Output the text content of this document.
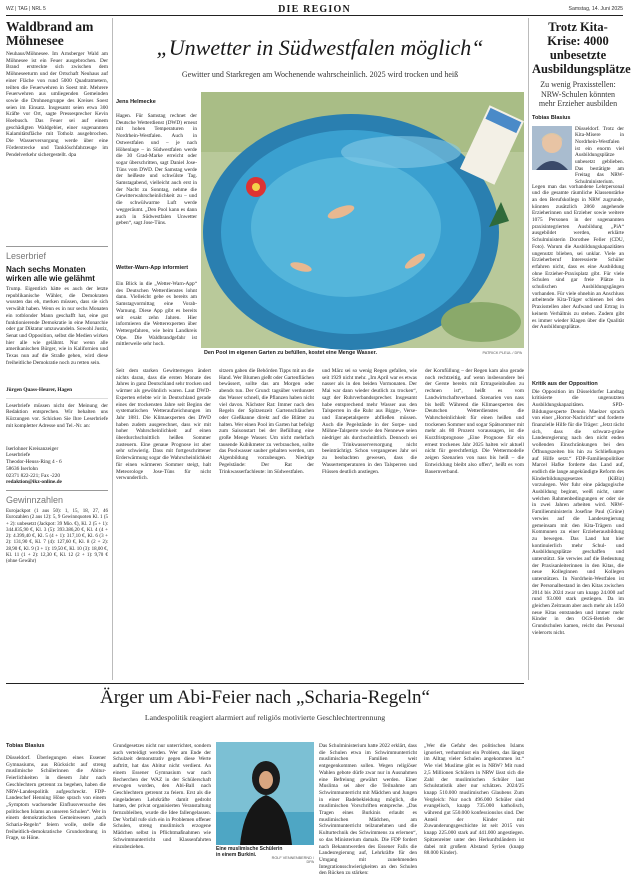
WZ | TAG | NRL 5	DIE REGION	Samstag, 14. Juni 2025
Waldbrand am Möhnesee
Neuhaus/Möhnesee. Im Arnsberger Wald am Möhnesee ist ein Feuer ausgebrochen. Der Brand erstreckte sich zwischen dem Möhneseeturm und der Ortschaft Neuhaus auf einer Fläche von rund 5000 Quadratmetern, teilten die Feuerwehren in Soest mit. Mehrere Feuerwehren aus umliegenden Gemeinden sowie die Drohnengruppe des Kreises Soest seien im Einsatz. Insgesamt seien etwa 300 Kräfte vor Ort, sagte Pressesprecher Kevin Hoebusch. Das Feuer sei auf einem geschädigten Waldgebiet, einer sogenannten Kalamitätsfläche mit Totholz ausgebrochen. Die Wasserversorgung werde über eine Förderstrecke und Tanklöschfahrzeuge im Pendelverkehr sichergestellt. dpa
Leserbrief
Nach sechs Monaten wirken alle wie gelähmt
Trump. Eigentlich hätte es auch der letzte republikanische Wähler, die Demokraten wussten das eh, merken müssen, dass sie sich verwählt haben. Wenn es in nur sechs Monaten ein rotblonder Mann geschafft hat, eine gut funktionierende Demokratie in eine Monarchie oder gar Diktatur umzuwandeln. Sowohl Justiz, Senat und Opposition, selbst die Medien wirken hier alle wie gelähmt. Nur wenn alle amerikanischen Bürger, wie in Kalifornien und Texas nun auf die Straße gehen, wird diese freiheitliche Demokratie noch zu retten sein.
Jürgen Quass-Heurer, Hagen
Leserbriefe müssen nicht der Meinung der Redaktion entsprechen. Wir behalten uns Kürzungen vor. Schicken Sie Ihre Leserbriefe mit kompletter Adresse und Tel.-Nr. an:
Iserlohner Kreisanzeiger
Leserbriefe
Theodor-Heuss-Ring 4 - 6
58636 Iserlohn
02371 822-221; Fax -220
redaktion@ikz-online.de
Gewinnzahlen
Eurojackpot (1 aus 50): 1, 15, 18, 27, 46 Eurozahlen (2 aus 12): 5, 9 Gewinnquoten Kl. 1 (5 + 2): unbesetzt (Jackpot: 39 Mio. €), Kl. 2 (5 + 1): 344.835,90 €, Kl. 3 (5): 393.386,20 €, Kl. 4 (4 + 2): 4.399,40 €, Kl. 5 (4 + 1): 317,10 €, Kl. 6 (3 + 2): 131,90 €, Kl. 7 (4): 127,60 €, Kl. 8 (2 + 2): 28,90 €, Kl. 9 (3 + 1): 19,50 €, Kl. 10 (3): 18,00 €, Kl. 11 (1 + 2): 12,30 €, Kl. 12 (2 + 1): 9,70 € (ohne Gewähr)
„Unwetter in Südwestfalen möglich“
Gewitter und Starkregen am Wochenende wahrscheinlich. 2025 wird trocken und heiß
Jens Helmecke
Hagen. Für Samstag rechnet der Deutsche Wetterdienst (DWD) erneut mit hohen Temperaturen in Nordrhein-Westfalen. Auch in Ostwestfalen und – je nach Höhenlage – in Südwestfalen werde die 30 Grad-Marke erreicht oder sogar überschritten, sagt Daniel Jose-Tüns vom DWD. Der Samstag werde der heißeste und schwülste Tag. Samstagabend, vielleicht auch erst in der Nacht zu Sonntag, nehme die Gewitterwahrscheinlichkeit zu – und die schwülwarme Luft werde weggeräumt. „Den Pool kann es dann auch in Südwestfalen Unwetter geben“, sagt Jose-Tüns.
Wetter-Warn-App informiert
Ein Blick in die „Wetter-Warn-App“ des Deutschen Wetterdienstes lohnt dann. Vielleicht gebe es bereits am Samstagvormittag eine Vorab-Warnung. Diese App gibt es bereits seit exakt zehn Jahren. Hier informieren die Wetterexperten über Wettergefahren, wie beim Landkreis Olpe. Die Waldbrandgefahr ist mittlerweile sehr hoch.
Den Pool im eigenen Garten zu befüllen, kostet eine Menge Wasser.	PATRICK PLEUL / DPA
Seit dem starken Gewitterregen ändert nichts daran, dass die ersten Monate des Jahres in ganz Deutschland sehr trocken und wärmer als gewöhnlich waren. Laut DWD-Experten erlebte wir in Deutschland gerade eines der trockensten Jahre seit Beginn der systematischen Wetteraufzeichnungen im Jahr 1881. Die Klimaexperten des DWD haben zudem ausgerechnet, dass wir mit hoher Wahrscheinlichkeit auf einen überdurchschnittlich heißen Sommer zusteuern. Eine genaue Prognose ist aber sehr schwierig. Dass mit fortgeschrittener Erderwärmung sogar die Wahrscheinlichkeit für einen wärmeren Sommer steigt, halt Meteorologe Jose-Tüns für nicht verwunderlich.
sitzern gaben die Behörden Tipps mit an die Hand. Wer Blumen gießt oder Gartenflächen bewässert, sollte das am Morgen oder abends tun. Der Grund: tagsüber verdunstet das Wasser schnell, die Pflanzen haben nicht viel davon. Nächster Rat: Immer nach den Regeln der Spitzenzeit Gartenschläuchen oder Gießkanne direkt auf die Blätter zu halten. Wer einen Pool im Garten hat befolgt zum Saisonstart bei der Befüllung eine große Menge Wasser. Um nicht mehrfach tausende Kubikmeter zu verbrauchen, sollte das Poolwasser sauber gehalten werden, um Algenbildung vorzubeugen. Niedrige Pegelstände: Der Rat der Trinkwasserfachleute: im Südwestfalen.
und März sei so wenig Regen gefallen, wie seit 1929 nicht mehr. „Im April war es etwas nasser als in den beiden Vormonaten. Der Mai war dann wieder deutlich zu trocken“, sagt der Ruhrverbandssprecher. Insgesamt habe entsprechend mehr Wasser aus den Talsperren in die Ruhr aus Bigge-, Verse- und Ennepetalsperre abfließen müssen. Auch die Pegelstände in der Sorpe- und Möhne-Talsperre sowie den Nennewe seien niedriger als durchschnittlich. Dennoch sei die Trinkwasserversorgung nicht beeinträchtigt. Schon vergangenes Jahr sei zu beobachten gewesen, dass die Wassertemperaturen in den Talsperren und Flüssen deutlich anstiegen.
der Kornfüllung – der Regen kam also gerade noch rechtzeitig, auf wenn insbesondere bei der Gerste bereits mit Ertragseinbußen zu rechnen ist“, heißt es vom Landwirtschaftsverband. Szenarien von nass bis heiß: Während die Klimaexperten des Deutschen Wetterdienstes die Wahrscheinlichkeit für einen heißen und trockenen Sommer und sogar Spätsommer mit mehr als 80 Prozent voraussagen, ist die Kurzfristprognose „Eine Prognose für ein ernest trockenes Jahr 2025 halten wir aktuell nicht für gerechtfertigt. Die Wettermodelle zeigen Szenarien von nass bis heiß – die Entwicklung bleibt also offen“, heißt es vom Bauernverband.
Trotz Kita-Krise: 4000 unbesetzte Ausbildungsplätze
Zu wenig Praxisstellen: NRW-Schulen könnten mehr Erzieher ausbilden
Tobias Blasius
Düsseldorf. Trotz der Kita-Misere in Nordrhein-Westfalen ist ein enorm viel Ausbildungsplätze unbesetzt geblieben. Das bestätigte am Freitag das NRW-Schulministerium.
Legen man das vorhandene Lehrpersonal und die gesamte räumliche Klassenstärke an den Berufskollegs in NRW zugrunde, könnten zusätzlich 2860 angehende Erzieherinnen und Erzieher sowie weitere 1075 Personen in der sogenannten praxisintegrierten Ausbildung „PiA“ ausgebildet werden, erklärte Schulministerin Dorothee Feller (CDU, Foto). Warum die Ausbildungskapazitäten ungenutzt blieben, sei unklar. Viele an Erzieherberuf Interessierte Schüler erfahren nicht, dass es eine Ausbildung ohne Erzieher-Praxisplatz gibt. Für viele Schulen sind gar freie Plätze in schulischen Ausbildungsgängen vorhanden. Für viele ohnehin an Anschluss arbeitende Kita-Träger schienen bei den Praxisstellen aber Aufwand und Ertrag in keinem Verhältnis zu stehen. Zudem gibt es immer wieder Klagen über die Qualität der Ausbildungsplätze.
Kritik aus der Opposition
Die Opposition im Düsseldorfer Landtag kritisierte die ungenutzten Ausbildungskapazitäten. SPD-Bildungsexperte Dennis Maelzer sprach von einer „Horror-Nachricht“ und forderte finanzielle Hilfe für die Träger: „Jetzt rächt sich, dass die schwarz-grüne Landesregierung nach den nicht enden wollenden Einschränkungen bei den Öffnungszeiten bis hin zu Schließungen auf Hilfe setzt.“ FDP-Familienpolitiker Marcel Hafke forderte das Land auf, endlich die lange angekündigte Reform des Kinderbildungsgesetzes (KiBiz) vorzulegen. Wer fuhr eine pädagogische Ausbildung beginnt, weiß nicht, unter welchen Rahmenbedingungen er oder sie in zwei Jahren arbeiten wird. NRW-Familienministerin Josefine Paul (Grüne) verwies auf die Landesregierung gemeinsam mit den Kita-Trägern und Kommunen zu einer Erzieherausbildung zu bewegen. Das Land hat hier kontinuierlich mehr Schul- und Ausbildungsplätze geschaffen und unterstützt. Sie verwies auf die Bedeutung der Praxisanleiterinnen in den Kitas, die neue Kolleginnen und Kollegen unterstützen. In Nordrhein-Westfalen ist der Personalbestand in den Kitas zwischen 2014 bis 2024 zwar um knapp 24.000 auf rund 93.000 stark gestiegen. Da im gleichen Zeitraum aber auch mehr als 1450 neue Kitas entstanden und immer mehr Kinder in den OGS-Betrieb der Grundschulen kamen, reicht das Personal vielerorts nicht.
Ärger um Abi-Feier nach „Scharia-Regeln“
Landespolitik reagiert alarmiert auf religiös motivierte Geschlechtertrennung
Tobias Blasius
Düsseldorf. Überlegungen eines Essener Gymnasiums, aus Rücksicht auf streng muslimische Schülerinnen die Abitur-Feierlichkeiten in diesem Jahr nach Geschlechtern getrennt zu begehen, haben die NRW-Landespolitik aufgeschreckt. FDP-Landeschef Henning Höne sprach von einem „Symptom wachsender Einflussversuche des politischen Islams an unseren Schulen“. Wer in einem demokratischen Gemeinwesen „nach Scharia-Regeln“ feiern wolle, stelle die freiheitlich-demokratische Grundordnung in Frage, so Höne.
Grundgesetzes nicht nur unterrichtet, sondern auch verteidigt werden. Wer am Ende der Schulzeit demonstrativ gegen diese Werte auftritt, hat das Abitur nicht verdient. An einem Essener Gymnasium war nach Recherchen der WAZ in der Schülerschaft erwogen worden, den Abi-Ball nach Geschlechtern getrennt zu feiern. Erst als die eingeladenen Lehrkräfte damit gedroht hatten, der privat organisierten Veranstaltung fernzubleiben, wurde die Idee fallengelassen. Der Vorfall rufe sich ein in Problemen offener Schulen, streng muslimisch erzogene Mädchen selbst in Pflichtmaßnahmen wie Schwimmunterricht und Klassenfahrten einzubeziehen.	Eine muslimische Schülerin in einem Burkini.	ROLF VENNENBERND / DPA
Das Schulministerium hatte 2022 erklärt, dass die Schulen etwa im Schwimmunterricht muslimischen Familien weit entgegenkommen sollen. Wegen religiöser Wahlen gebote dürfe zwar nur in Ausnahmen eine Befreiung gewährt werden. Einer Muslima sei aber die Teilnahme am Schwimmunterricht mit Mädchen und Jungen in einer Badebekleidung möglich, die muslimischen Vorschriften entspreche. „Das Tragen eines Burkinis erlaubt es muslimischen Mädchen, am Schwimmunterricht teilzunehmen und die Kulturtechnik des Schwimmens zu erlernen“, so das Ministerium damals. Die FDP fordert nach Bekanntwerden des Essener Falls die Landesregierung auf, Lehrkräfte für den Umgang mit zunehmenden Integrationsschwierigkeiten an den Schulen den Rücken zu stärken:
„Wer die Gefahr des politischen Islams ignoriert, verharmlost ein Problem, das längst im Alltag vieler Schulen angekommen ist.“ Wie viel Muslime gibt es in NRW? Mit rund 2,5 Millionen Schülern in NRW lässt sich die Zahl der muslimischen Schüler laut Schulstatistik aber nur schätzen. 2024/25 knapp 510.000 muslimischen Glaubens Zum Vergleich: Nur noch 496.000 Schüler sind evangelisch, knapp 735.000 katholisch, während gut 550.000 konfessionslos sind. Der Anteil der Kinder mit Zuwanderungsgeschichte ist seit 2015 von knapp 225.000 stark auf 441.000 angestiegen. Spitzenreiter unter den Herkunftsländern ist dabei mit großem Abstand Syrien (knapp 88.000 Kinder).
